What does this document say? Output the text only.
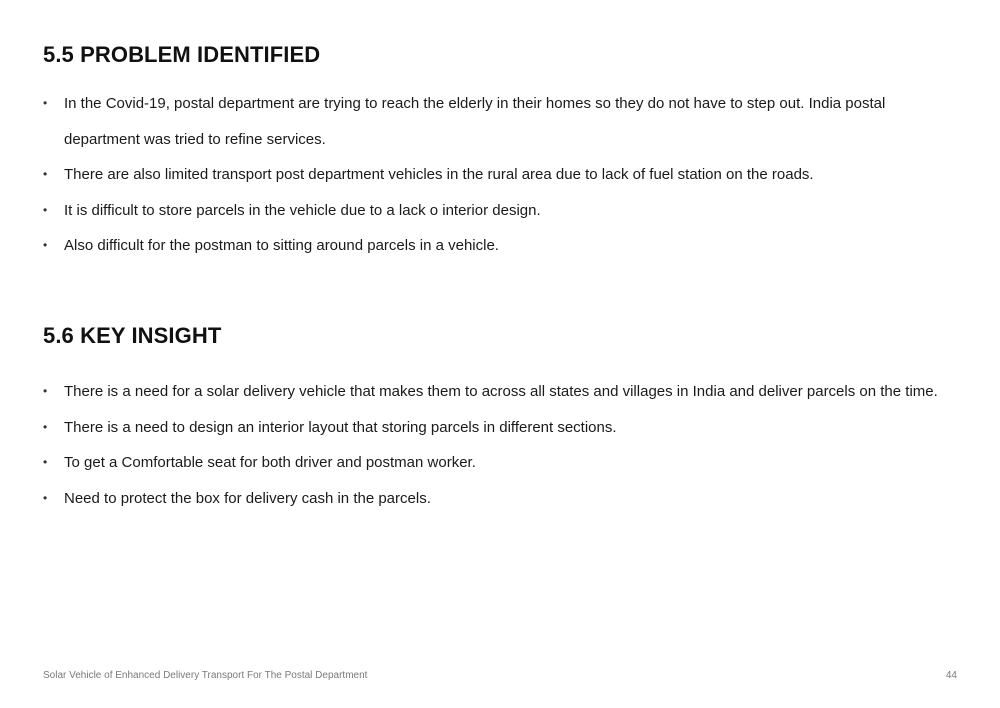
5.5 PROBLEM IDENTIFIED
• In the Covid-19, postal department are trying to reach the elderly in their homes so they do not have to step out. India postal department was tried to refine services.
• There are also limited transport post department vehicles in the rural area due to lack of fuel station on the roads.
• It is difficult to store parcels in the vehicle due to a lack o interior design.
• Also difficult for the postman to sitting around parcels in a vehicle.
5.6 KEY INSIGHT
• There is a need for a solar delivery vehicle that makes them to across all states and villages in India and deliver parcels on the time.
• There is a need to design an interior layout that storing parcels in different sections.
• To get a Comfortable seat for both driver and postman worker.
• Need to protect the box for delivery cash in the parcels.
Solar Vehicle of Enhanced Delivery Transport For The Postal Department	44
